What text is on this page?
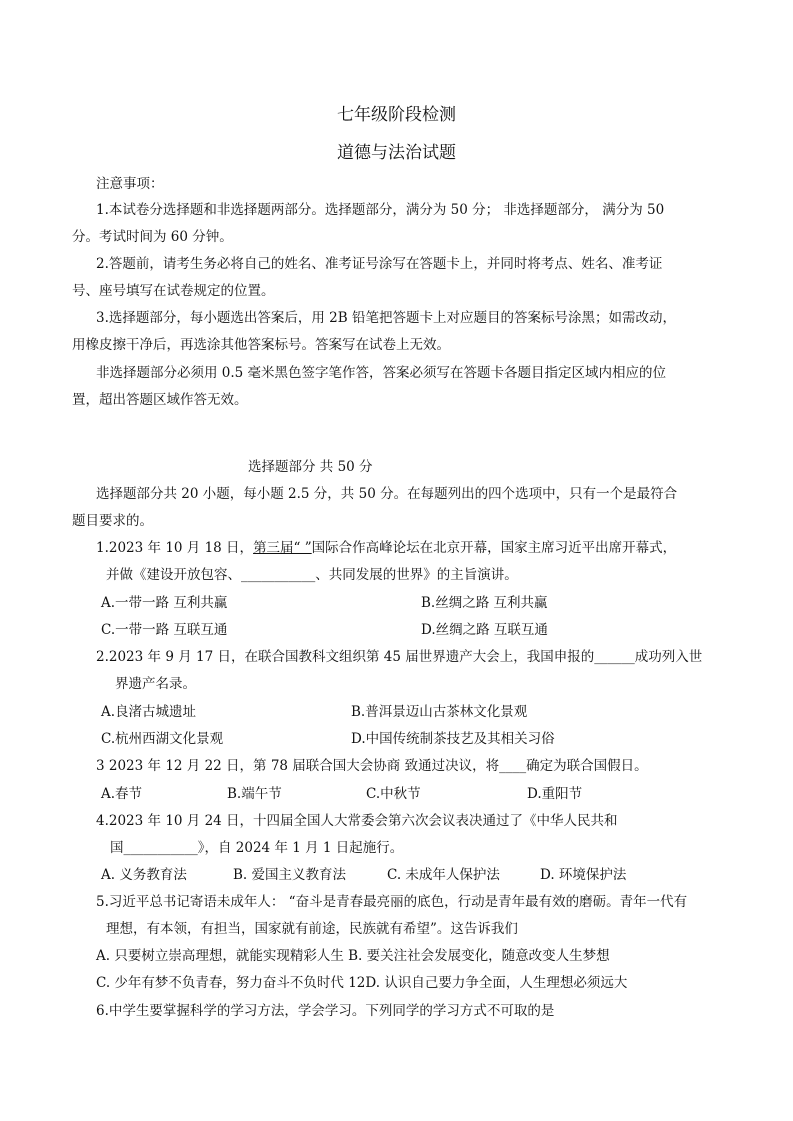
七年级阶段检测
道德与法治试题
注意事项：
1.本试卷分选择题和非选择题两部分。选择题部分，满分为 50 分； 非选择题部分， 满分为 50
分。考试时间为 60 分钟。
2.答题前，请考生务必将自己的姓名、准考证号涂写在答题卡上，并同时将考点、姓名、准考证
号、座号填写在试卷规定的位置。
3.选择题部分，每小题选出答案后，用 2B 铅笔把答题卡上对应题目的答案标号涂黑；如需改动，
用橡皮擦干净后，再选涂其他答案标号。答案写在试卷上无效。
非选择题部分必须用 0.5 毫米黑色签字笔作答，答案必须写在答题卡各题目指定区域内相应的位
置，超出答题区域作答无效。
选择题部分 共 50 分
选择题部分共 20 小题，每小题 2.5 分，共 50 分。在每题列出的四个选项中，只有一个是最符合
题目要求的。
1.2023 年 10 月 18 日，第三届“ ”国际合作高峰论坛在北京开幕，国家主席习近平出席开幕式，
并做《建设开放包容、___________、共同发展的世界》的主旨演讲。
A.一带一路 互利共赢	B.丝绸之路 互利共赢
C.一带一路 互联互通	D.丝绸之路 互联互通
2.2023 年 9 月 17 日，在联合国教科文组织第 45 届世界遗产大会上，我国申报的______成功列入世
界遗产名录。
A.良渚古城遗址	B.普洱景迈山古茶林文化景观
C.杭州西湖文化景观	D.中国传统制茶技艺及其相关习俗
3 2023 年 12 月 22 日，第 78 届联合国大会协商 致通过决议，将____确定为联合国假日。
A.春节	B.端午节	C.中秋节	D.重阳节
4.2023 年 10 月 24 日，十四届全国人大常委会第六次会议表决通过了《中华人民共和
国___________》，自 2024 年 1 月 1 日起施行。
A. 义务教育法	B. 爱国主义教育法	C. 未成年人保护法	D. 环境保护法
5.习近平总书记寄语未成年人： “奋斗是青春最亮丽的底色，行动是青年最有效的磨砺。青年一代有
理想，有本领，有担当，国家就有前途，民族就有希望”。这告诉我们
A. 只要树立崇高理想，就能实现精彩人生 B. 要关注社会发展变化，随意改变人生梦想
C. 少年有梦不负青春，努力奋斗不负时代 12D. 认识自己要力争全面，人生理想必须远大
6.中学生要掌握科学的学习方法，学会学习。下列同学的学习方式不可取的是
